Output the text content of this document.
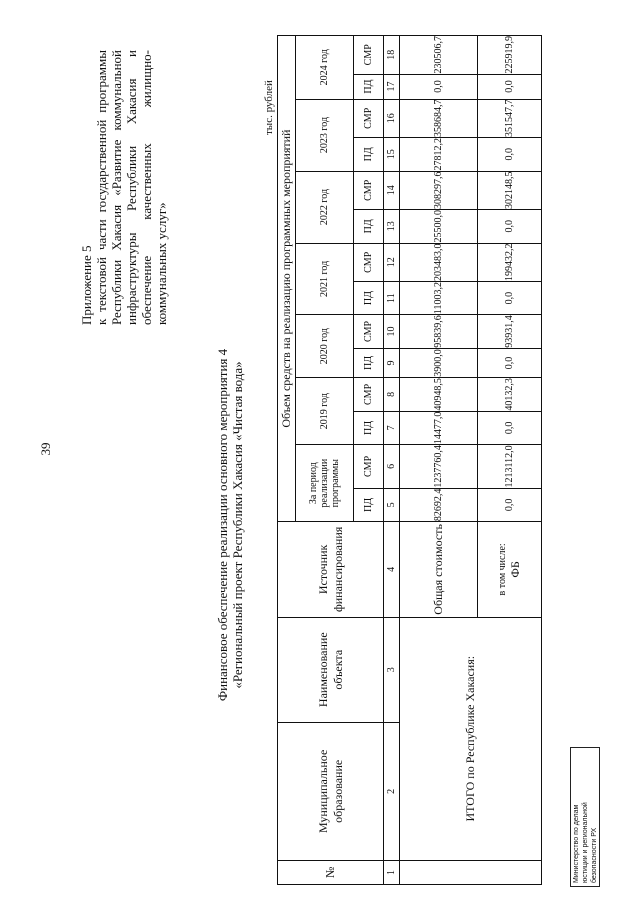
39
Приложение 5 к текстовой части государственной программы Республики Хакасия «Развитие коммунальной инфраструктуры Республики Хакасия и обеспечение качественных жилищно-коммунальных услуг»
Финансовое обеспечение реализации основного мероприятия 4 «Региональный проект Республики Хакасия «Чистая вода»
тыс. рублей
№	Муниципальное образование	Наименование объекта	Источник финансирования	Объем средств на реализацию программных мероприятий													
				За период реализации программы		2019 год		2020 год		2021 год		2022 год		2023 год		2024 год	
				ПД	СМР	ПД	СМР	ПД	СМР	ПД	СМР	ПД	СМР	ПД	СМР	ПД	СМР
1	2	3	4	5	6	7	8	9	10	11	12	13	14	15	16	17	18
	ИТОГО по Республике Хакасия:		Общая стоимость	82692,4	1237760,4	14477,0	40948,5	3900,0	95839,6	11003,2	203483,0	25500,0	308297,6	27812,2	358684,7	0,0	230506,7

			в том числе: ФБ	0,0	1213112,0	0,0	40132,3	0,0	93931,4	0,0	199432,2	0,0	302148,5	0,0	351547,7	0,0	225919,9
Министерство по делам юстиции и региональной безопасности РХ
